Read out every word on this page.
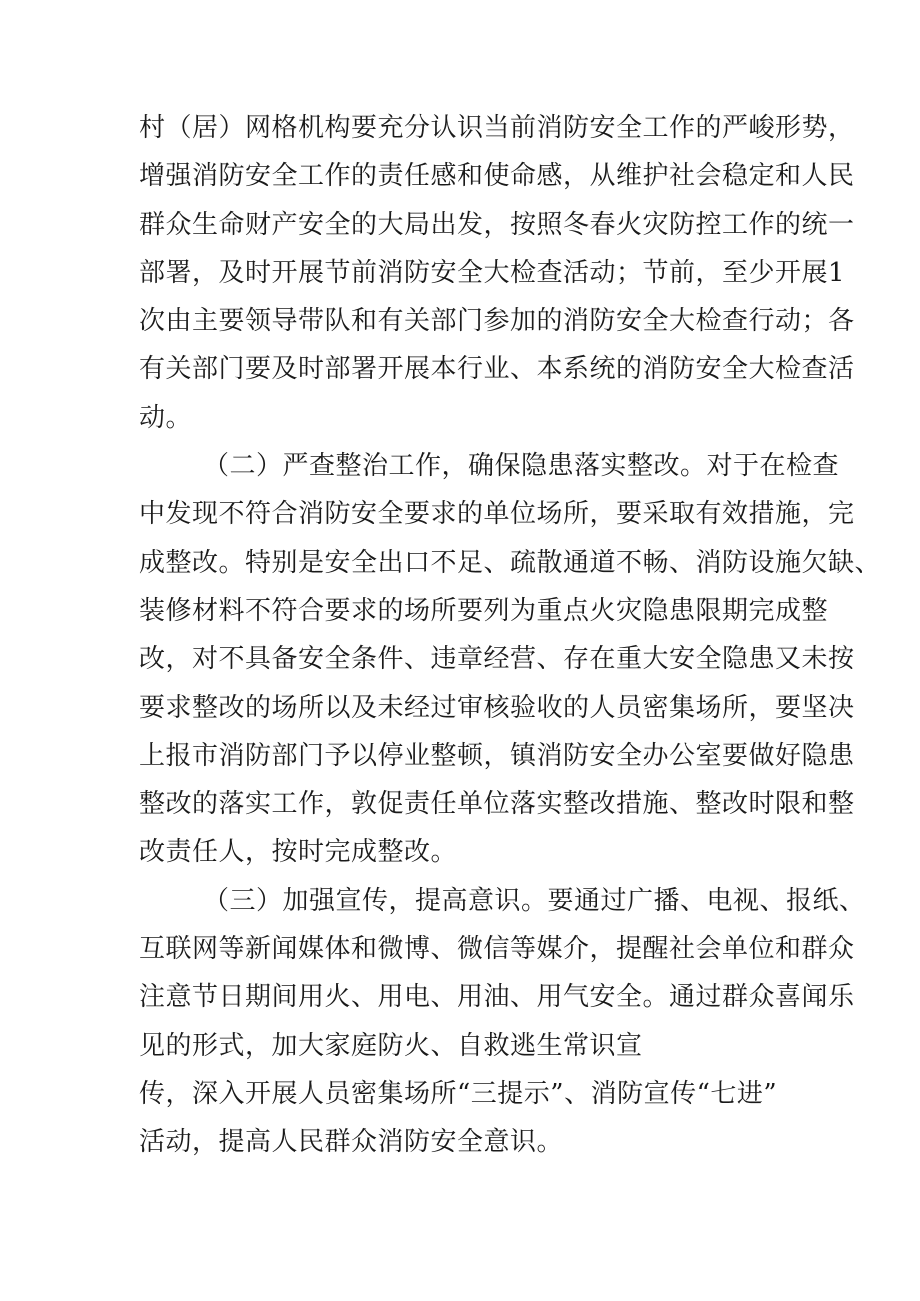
村（居）网格机构要充分认识当前消防安全工作的严峻形势，
增强消防安全工作的责任感和使命感，从维护社会稳定和人民
群众生命财产安全的大局出发，按照冬春火灾防控工作的统一
部署，及时开展节前消防安全大检查活动；节前，至少开展1
次由主要领导带队和有关部门参加的消防安全大检查行动；各
有关部门要及时部署开展本行业、本系统的消防安全大检查活
动。
（二）严查整治工作，确保隐患落实整改。对于在检查
中发现不符合消防安全要求的单位场所，要采取有效措施，完
成整改。特别是安全出口不足、疏散通道不畅、消防设施欠缺、
装修材料不符合要求的场所要列为重点火灾隐患限期完成整
改，对不具备安全条件、违章经营、存在重大安全隐患又未按
要求整改的场所以及未经过审核验收的人员密集场所，要坚决
上报市消防部门予以停业整顿，镇消防安全办公室要做好隐患
整改的落实工作，敦促责任单位落实整改措施、整改时限和整
改责任人，按时完成整改。
（三）加强宣传，提高意识。要通过广播、电视、报纸、
互联网等新闻媒体和微博、微信等媒介，提醒社会单位和群众
注意节日期间用火、用电、用油、用气安全。通过群众喜闻乐
见的形式，加大家庭防火、自救逃生常识宣
传，深入开展人员密集场所“三提示”、消防宣传“七进”
活动，提高人民群众消防安全意识。
